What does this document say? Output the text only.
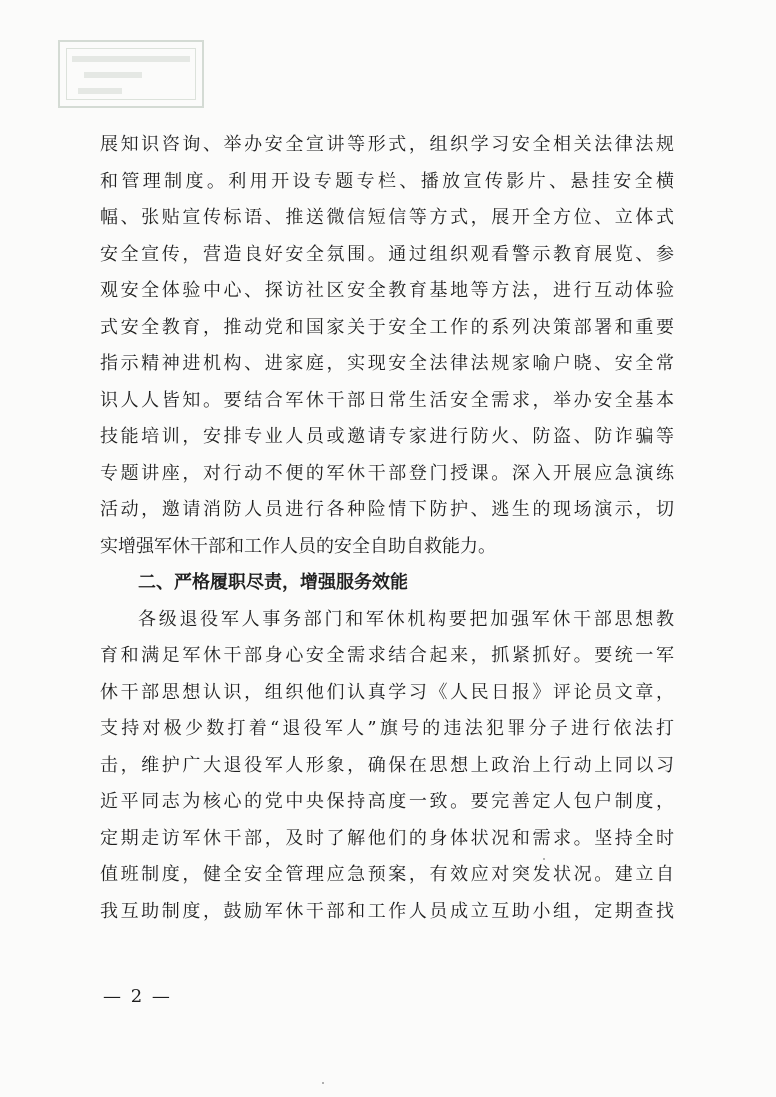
展知识咨询、举办安全宣讲等形式，组织学习安全相关法律法规
和管理制度。利用开设专题专栏、播放宣传影片、悬挂安全横
幅、张贴宣传标语、推送微信短信等方式，展开全方位、立体式
安全宣传，营造良好安全氛围。通过组织观看警示教育展览、参
观安全体验中心、探访社区安全教育基地等方法，进行互动体验
式安全教育，推动党和国家关于安全工作的系列决策部署和重要
指示精神进机构、进家庭，实现安全法律法规家喻户晓、安全常
识人人皆知。要结合军休干部日常生活安全需求，举办安全基本
技能培训，安排专业人员或邀请专家进行防火、防盗、防诈骗等
专题讲座，对行动不便的军休干部登门授课。深入开展应急演练
活动，邀请消防人员进行各种险情下防护、逃生的现场演示，切
实增强军休干部和工作人员的安全自助自救能力。
二、严格履职尽责，增强服务效能
各级退役军人事务部门和军休机构要把加强军休干部思想教
育和满足军休干部身心安全需求结合起来，抓紧抓好。要统一军
休干部思想认识，组织他们认真学习《人民日报》评论员文章，
支持对极少数打着“退役军人”旗号的违法犯罪分子进行依法打
击，维护广大退役军人形象，确保在思想上政治上行动上同以习
近平同志为核心的党中央保持高度一致。要完善定人包户制度，
定期走访军休干部，及时了解他们的身体状况和需求。坚持全时
值班制度，健全安全管理应急预案，有效应对突发状况。建立自
我互助制度，鼓励军休干部和工作人员成立互助小组，定期查找
— 2 —
